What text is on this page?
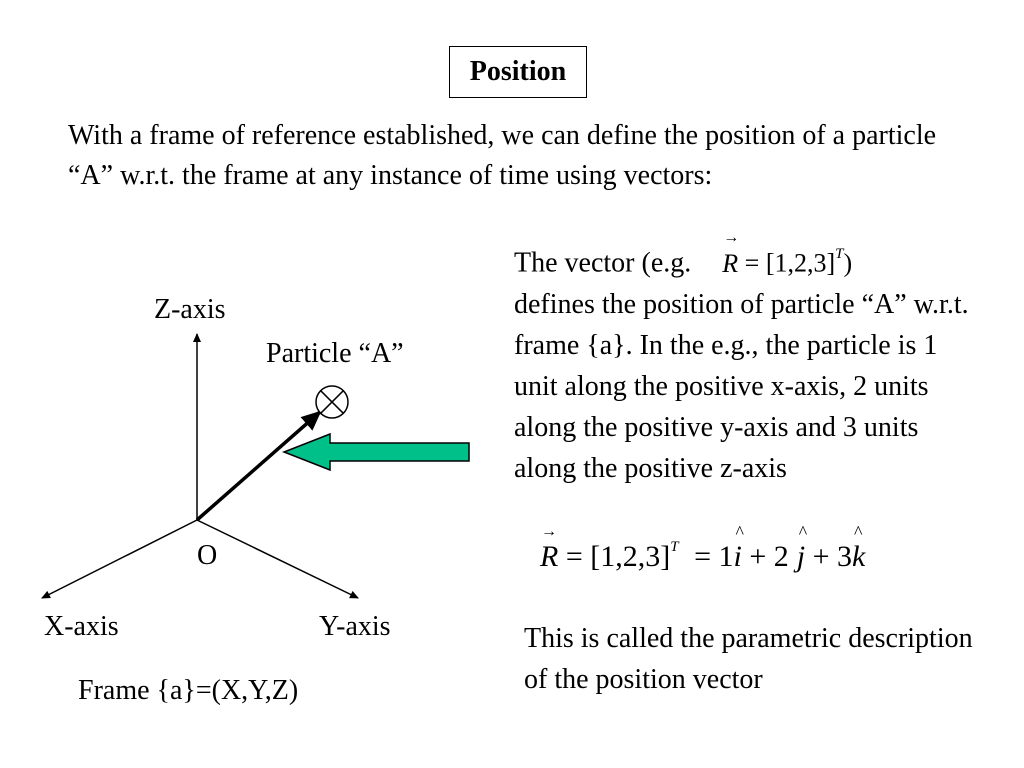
Position

With a frame of reference established, we can define the position of a particle “A” w.r.t. the frame at any instance of time using vectors:

Z-axis
Particle “A”
O
X-axis	Y-axis
Frame {a}=(X,Y,Z)

The vector (e.g.
→
$R = [1,2,3]^T$)
defines the position of particle “A” w.r.t. frame {a}. In the e.g., the particle is 1 unit along the positive x-axis, 2 units along the positive y-axis and 3 units along the positive z-axis

→
$R = [1,2,3]^T = 1$
^
i + 2
^
j + 3
^
k

This is called the parametric description of the position vector
